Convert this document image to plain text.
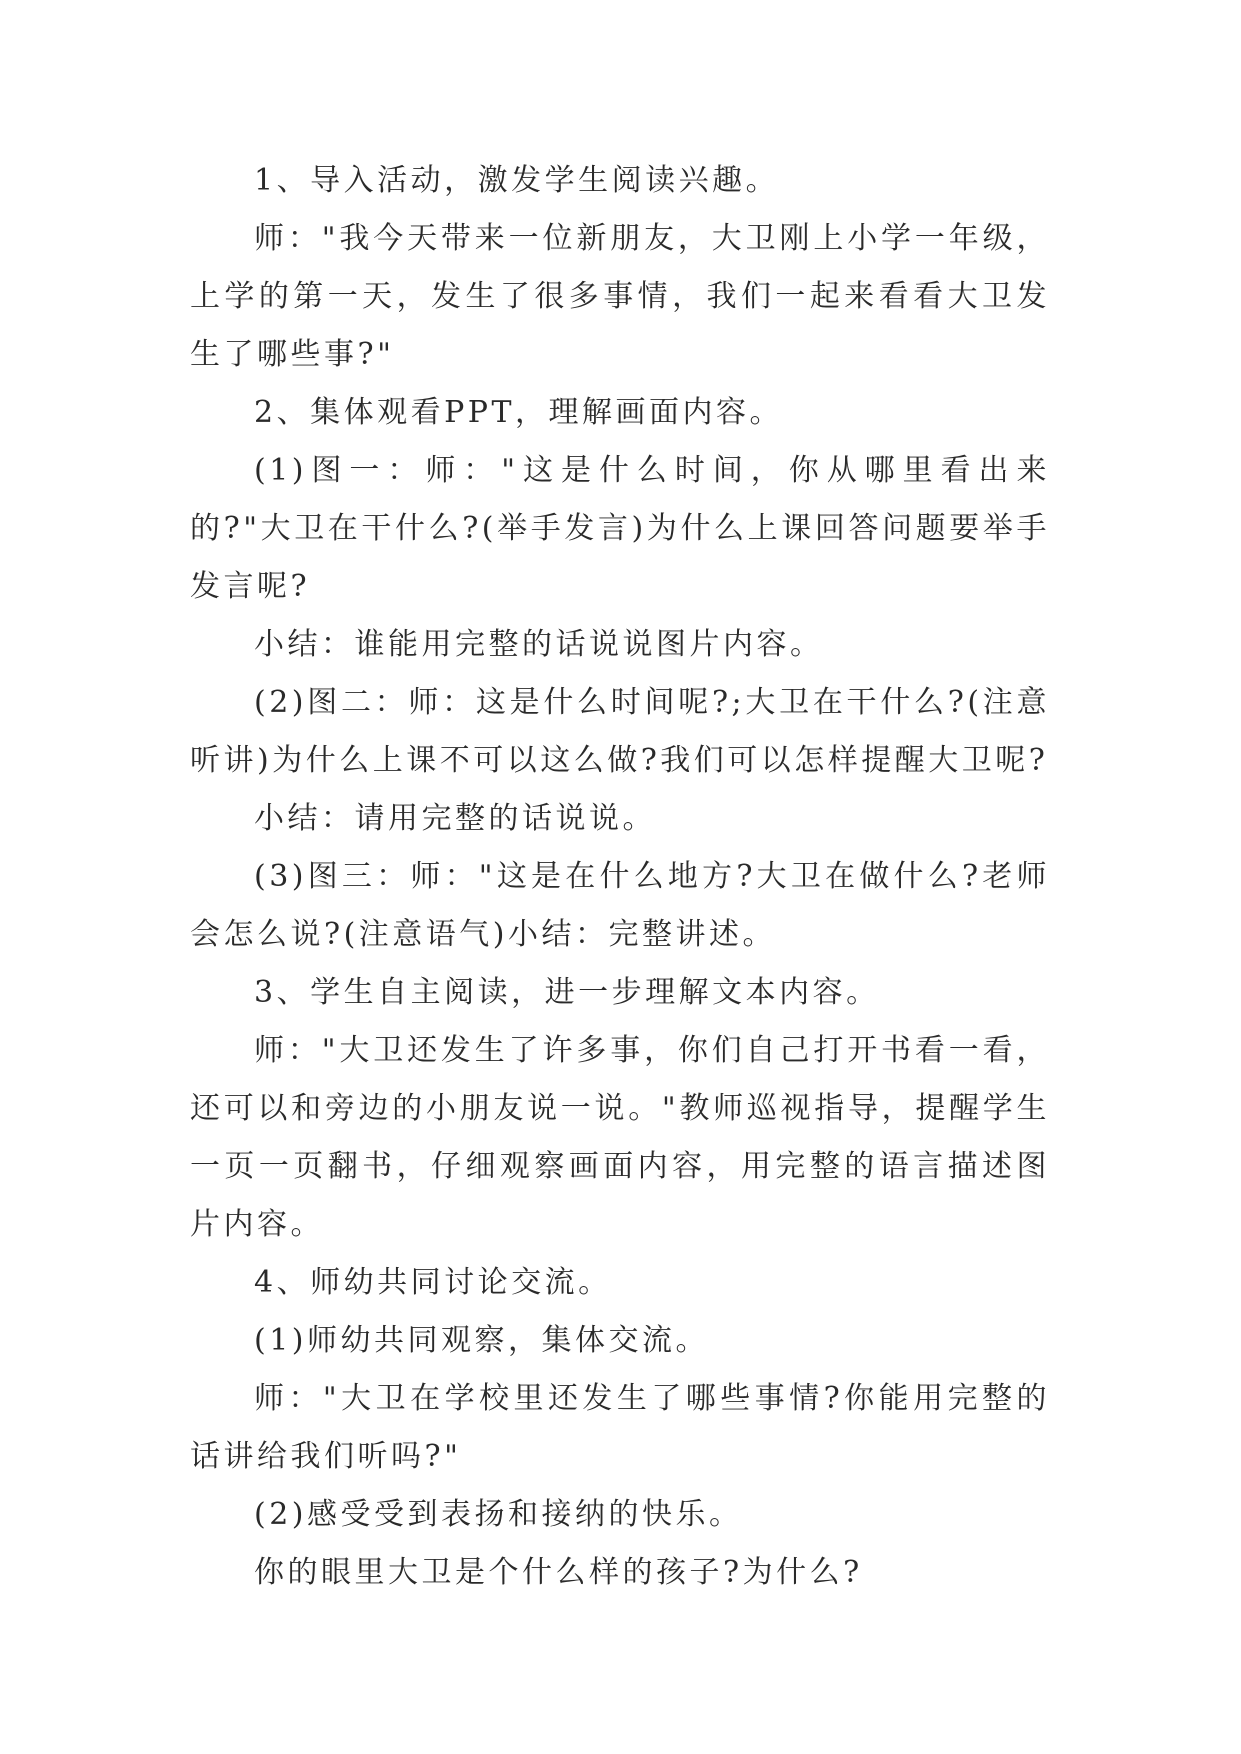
1、导入活动，激发学生阅读兴趣。

师："我今天带来一位新朋友，大卫刚上小学一年级，上学的第一天，发生了很多事情，我们一起来看看大卫发生了哪些事?"

2、集体观看PPT，理解画面内容。

(1)图一：师："这是什么时间，你从哪里看出来的?"大卫在干什么?(举手发言)为什么上课回答问题要举手发言呢?

小结：谁能用完整的话说说图片内容。

(2)图二：师：这是什么时间呢?;大卫在干什么?(注意听讲)为什么上课不可以这么做?我们可以怎样提醒大卫呢?

小结：请用完整的话说说。

(3)图三：师："这是在什么地方?大卫在做什么?老师会怎么说?(注意语气)小结：完整讲述。

3、学生自主阅读，进一步理解文本内容。

师："大卫还发生了许多事，你们自己打开书看一看，还可以和旁边的小朋友说一说。"教师巡视指导，提醒学生一页一页翻书，仔细观察画面内容，用完整的语言描述图片内容。

4、师幼共同讨论交流。

(1)师幼共同观察，集体交流。

师："大卫在学校里还发生了哪些事情?你能用完整的话讲给我们听吗?"

(2)感受受到表扬和接纳的快乐。

你的眼里大卫是个什么样的孩子?为什么?
